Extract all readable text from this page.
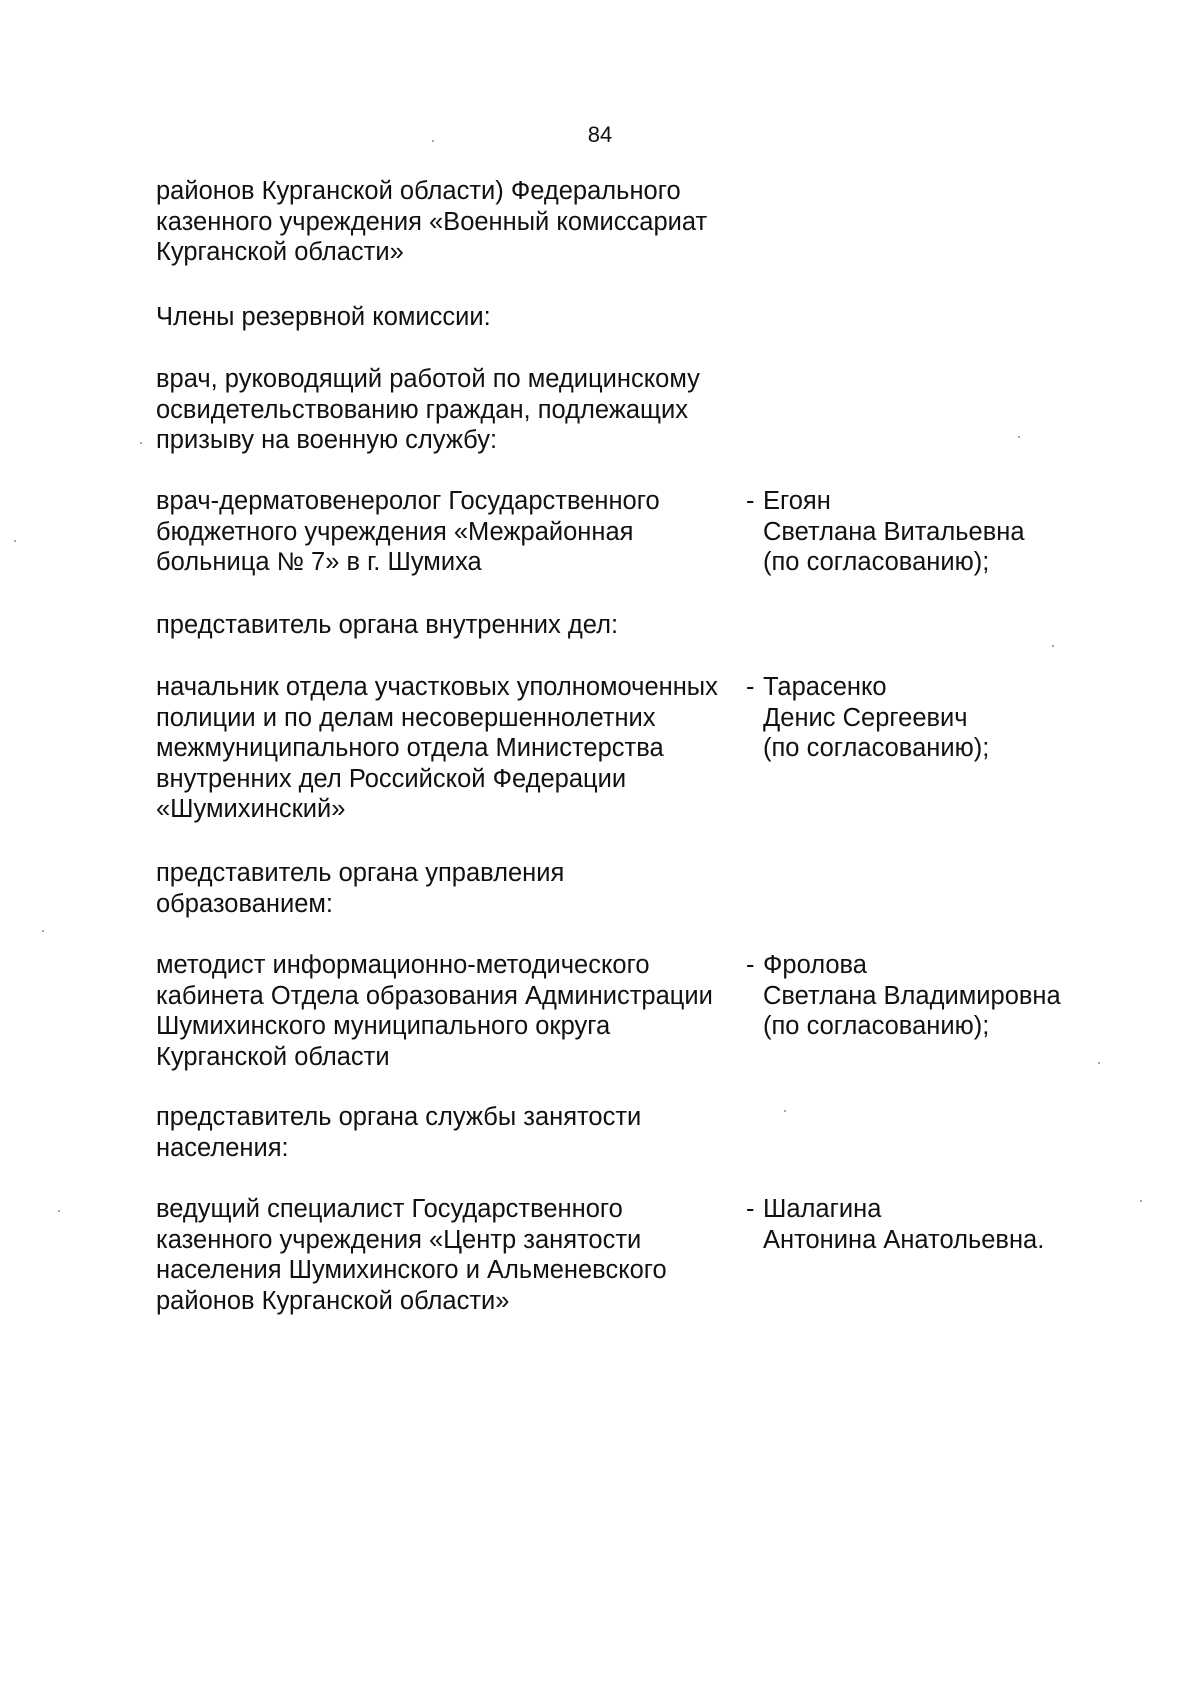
84
районов Курганской области) Федерального
казенного учреждения «Военный комиссариат
Курганской области»
Члены резервной комиссии:
врач, руководящий работой по медицинскому
освидетельствованию граждан, подлежащих
призыву на военную службу:
врач-дерматовенеролог Государственного
бюджетного учреждения «Межрайонная
больница № 7» в г. Шумиха
- Егоян
Светлана Витальевна
(по согласованию);
представитель органа внутренних дел:
начальник отдела участковых уполномоченных
полиции и по делам несовершеннолетних
межмуниципального отдела Министерства
внутренних дел Российской Федерации
«Шумихинский»
- Тарасенко
Денис Сергеевич
(по согласованию);
представитель органа управления
образованием:
методист информационно-методического
кабинета Отдела образования Администрации
Шумихинского муниципального округа
Курганской области
- Фролова
Светлана Владимировна
(по согласованию);
представитель органа службы занятости
населения:
ведущий специалист Государственного
казенного учреждения «Центр занятости
населения Шумихинского и Альменевского
районов Курганской области»
- Шалагина
Антонина Анатольевна.
